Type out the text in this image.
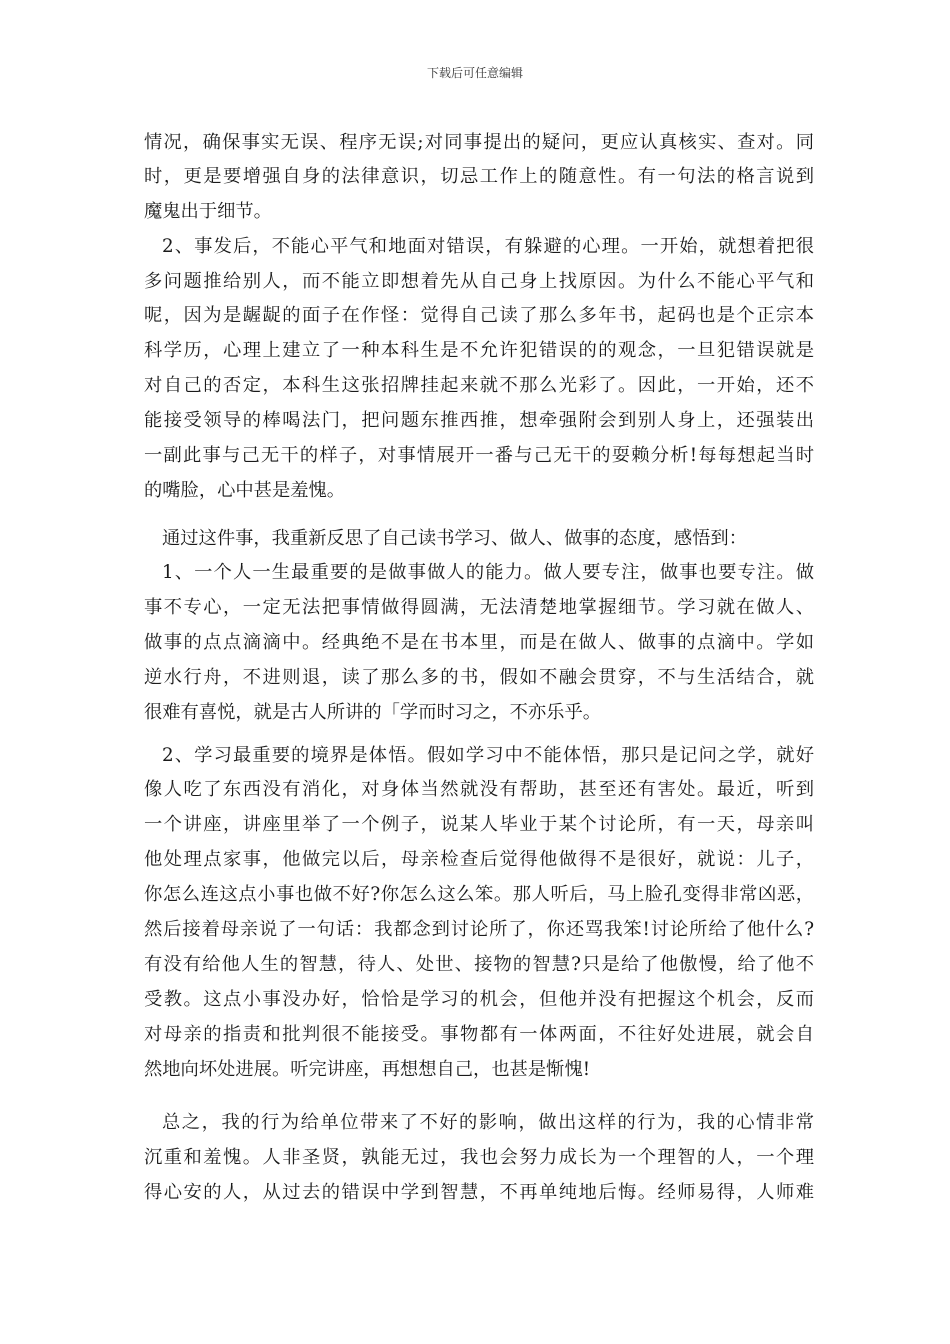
下载后可任意编辑
情况，确保事实无误、程序无误;对同事提出的疑问，更应认真核实、查对。同
时，更是要增强自身的法律意识，切忌工作上的随意性。有一句法的格言说到
魔鬼出于细节。
2、事发后，不能心平气和地面对错误，有躲避的心理。一开始，就想着把很
多问题推给别人，而不能立即想着先从自己身上找原因。为什么不能心平气和
呢，因为是龌龊的面子在作怪：觉得自己读了那么多年书，起码也是个正宗本
科学历，心理上建立了一种本科生是不允许犯错误的的观念，一旦犯错误就是
对自己的否定，本科生这张招牌挂起来就不那么光彩了。因此，一开始，还不
能接受领导的棒喝法门，把问题东推西推，想牵强附会到别人身上，还强装出
一副此事与己无干的样子，对事情展开一番与己无干的耍赖分析!每每想起当时
的嘴脸，心中甚是羞愧。
通过这件事，我重新反思了自己读书学习、做人、做事的态度，感悟到：
1、一个人一生最重要的是做事做人的能力。做人要专注，做事也要专注。做
事不专心，一定无法把事情做得圆满，无法清楚地掌握细节。学习就在做人、
做事的点点滴滴中。经典绝不是在书本里，而是在做人、做事的点滴中。学如
逆水行舟，不进则退，读了那么多的书，假如不融会贯穿，不与生活结合，就
很难有喜悦，就是古人所讲的「学而时习之，不亦乐乎。
2、学习最重要的境界是体悟。假如学习中不能体悟，那只是记问之学，就好
像人吃了东西没有消化，对身体当然就没有帮助，甚至还有害处。最近，听到
一个讲座，讲座里举了一个例子，说某人毕业于某个讨论所，有一天，母亲叫
他处理点家事，他做完以后，母亲检查后觉得他做得不是很好，就说：儿子，
你怎么连这点小事也做不好?你怎么这么笨。那人听后，马上脸孔变得非常凶恶，
然后接着母亲说了一句话：我都念到讨论所了，你还骂我笨!讨论所给了他什么?
有没有给他人生的智慧，待人、处世、接物的智慧?只是给了他傲慢，给了他不
受教。这点小事没办好，恰恰是学习的机会，但他并没有把握这个机会，反而
对母亲的指责和批判很不能接受。事物都有一体两面，不往好处进展，就会自
然地向坏处进展。听完讲座，再想想自己，也甚是惭愧!
总之，我的行为给单位带来了不好的影响，做出这样的行为，我的心情非常
沉重和羞愧。人非圣贤，孰能无过，我也会努力成长为一个理智的人，一个理
得心安的人，从过去的错误中学到智慧，不再单纯地后悔。经师易得，人师难
